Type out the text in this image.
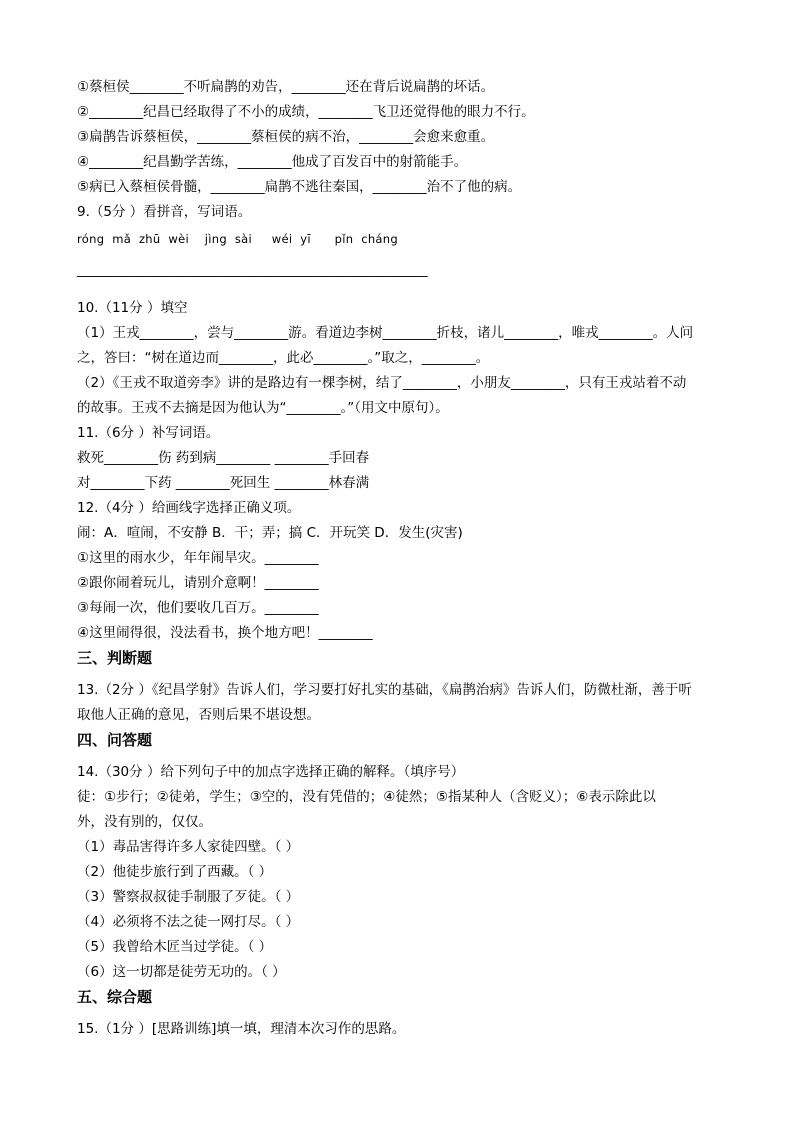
①蔡桓侯________不听扁鹊的劝告，________还在背后说扁鹊的坏话。
②________纪昌已经取得了不小的成绩，________飞卫还觉得他的眼力不行。
③扁鹊告诉蔡桓侯，________蔡桓侯的病不治，________会愈来愈重。
④________纪昌勤学苦练，________他成了百发百中的射箭能手。
⑤病已入蔡桓侯骨髓，________扁鹊不逃往秦国，________治不了他的病。
9.（5分 ）看拼音，写词语。
róng  mǎ  zhū  wèi    jìng  sài     wéi  yī      pǐn  cháng
________________________________________________________
10.（11分 ）填空
（1）王戎________，尝与________游。看道边李树________折枝，诸儿________，唯戎________。人问
之，答曰：“树在道边而________，此必________。”取之，________。
（2）《王戎不取道旁李》讲的是路边有一棵李树，结了________，小朋友________，只有王戎站着不动
的故事。王戎不去摘是因为他认为“________。”（用文中原句）。
11.（6分 ）补写词语。
救死________伤 药到病________ ________手回春
对________下药 ________死回生 ________林春满
12.（4分 ）给画线字选择正确义项。
闹：A．喧闹，不安静 B．干；弄；搞 C．开玩笑 D．发生(灾害)
①这里的雨水少，年年闹旱灾。________
②跟你闹着玩儿，请别介意啊！________
③每闹一次，他们要收几百万。________
④这里闹得很，没法看书，换个地方吧！________
三、判断题
13.（2分 ）《纪昌学射》告诉人们，学习要打好扎实的基础，《扁鹊治病》告诉人们，防微杜渐，善于听
取他人正确的意见，否则后果不堪设想。
四、问答题
14.（30分 ）给下列句子中的加点字选择正确的解释。（填序号）
徒：①步行；②徒弟，学生；③空的，没有凭借的；④徒然；⑤指某种人（含贬义）；⑥表示除此以
外，没有别的，仅仅。
（1）毒品害得许多人家徒四壁。（ ）
（2）他徒步旅行到了西藏。（ ）
（3）警察叔叔徒手制服了歹徒。（ ）
（4）必须将不法之徒一网打尽。（ ）
（5）我曾给木匠当过学徒。（ ）
（6）这一切都是徒劳无功的。（ ）
五、综合题
15.（1分 ）[思路训练]填一填，理清本次习作的思路。
